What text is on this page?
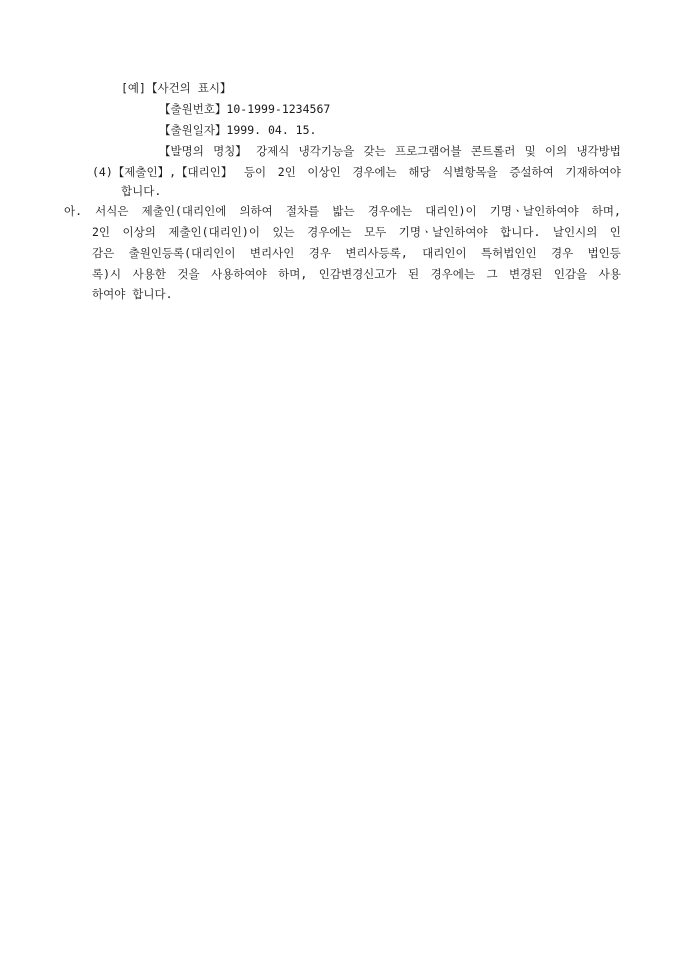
[예]【사건의 표시】
【출원번호】10-1999-1234567
【출원일자】1999. 04. 15.
【발명의 명칭】 강제식 냉각기능을 갖는 프로그램어블 콘트롤러 및 이의 냉각방법
(4)【제출인】,【대리인】 등이 2인 이상인 경우에는 해당 식별항목을 증설하여 기재하여야
합니다.
아. 서식은 제출인(대리인에 의하여 절차를 밟는 경우에는 대리인)이 기명ㆍ날인하여야 하며,
2인 이상의 제출인(대리인)이 있는 경우에는 모두 기명ㆍ날인하여야 합니다. 날인시의 인
감은 출원인등록(대리인이 변리사인 경우 변리사등록, 대리인이 특허법인인 경우 법인등
록)시 사용한 것을 사용하여야 하며, 인감변경신고가 된 경우에는 그 변경된 인감을 사용
하여야 합니다.
